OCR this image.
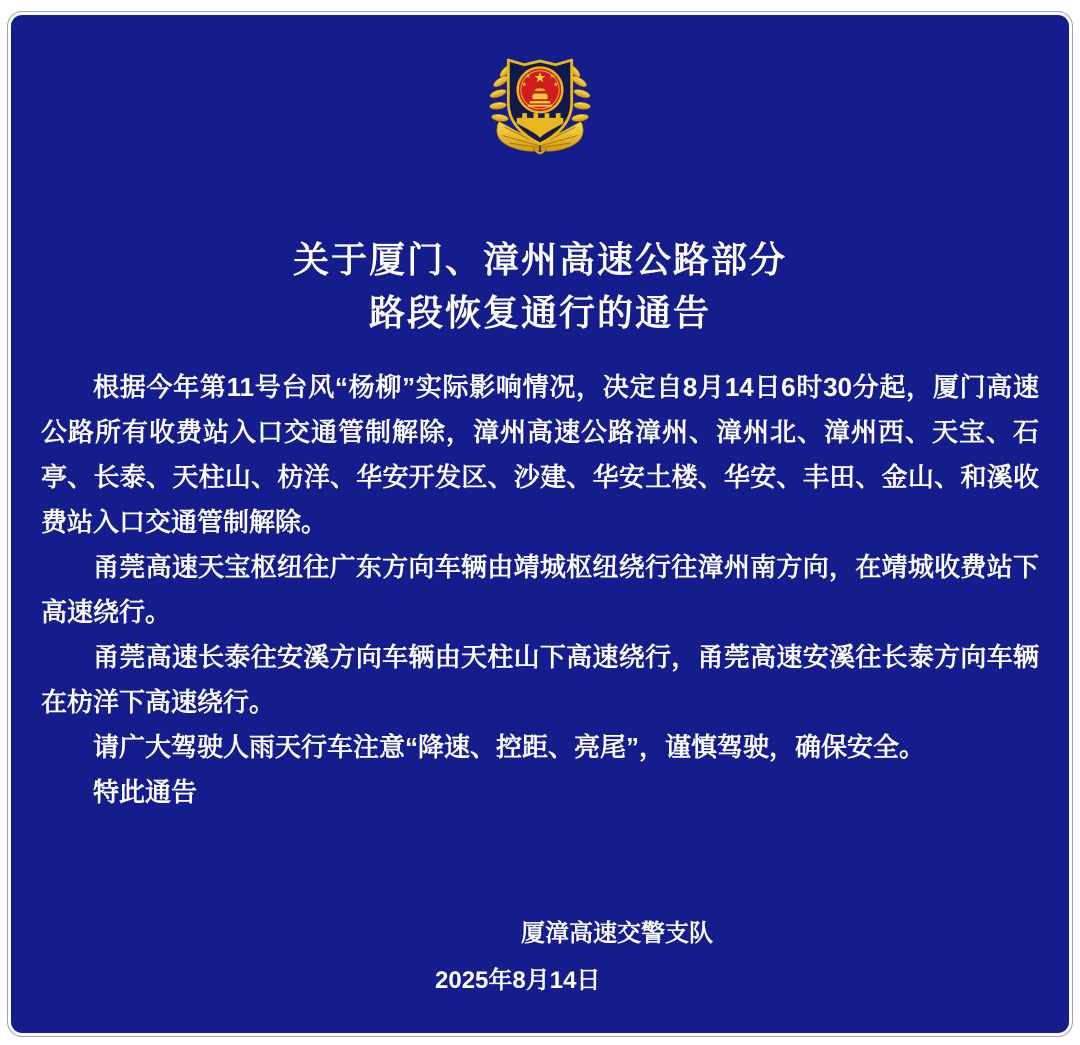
关于厦门、漳州高速公路部分
路段恢复通行的通告

根据今年第11号台风“杨柳”实际影响情况，决定自8月14日6时30分起，厦门高速公路所有收费站入口交通管制解除，漳州高速公路漳州、漳州北、漳州西、天宝、石亭、长泰、天柱山、枋洋、华安开发区、沙建、华安土楼、华安、丰田、金山、和溪收费站入口交通管制解除。

甬莞高速天宝枢纽往广东方向车辆由靖城枢纽绕行往漳州南方向，在靖城收费站下高速绕行。

甬莞高速长泰往安溪方向车辆由天柱山下高速绕行，甬莞高速安溪往长泰方向车辆在枋洋下高速绕行。

请广大驾驶人雨天行车注意“降速、控距、亮尾”，谨慎驾驶，确保安全。

特此通告

厦漳高速交警支队
2025年8月14日
